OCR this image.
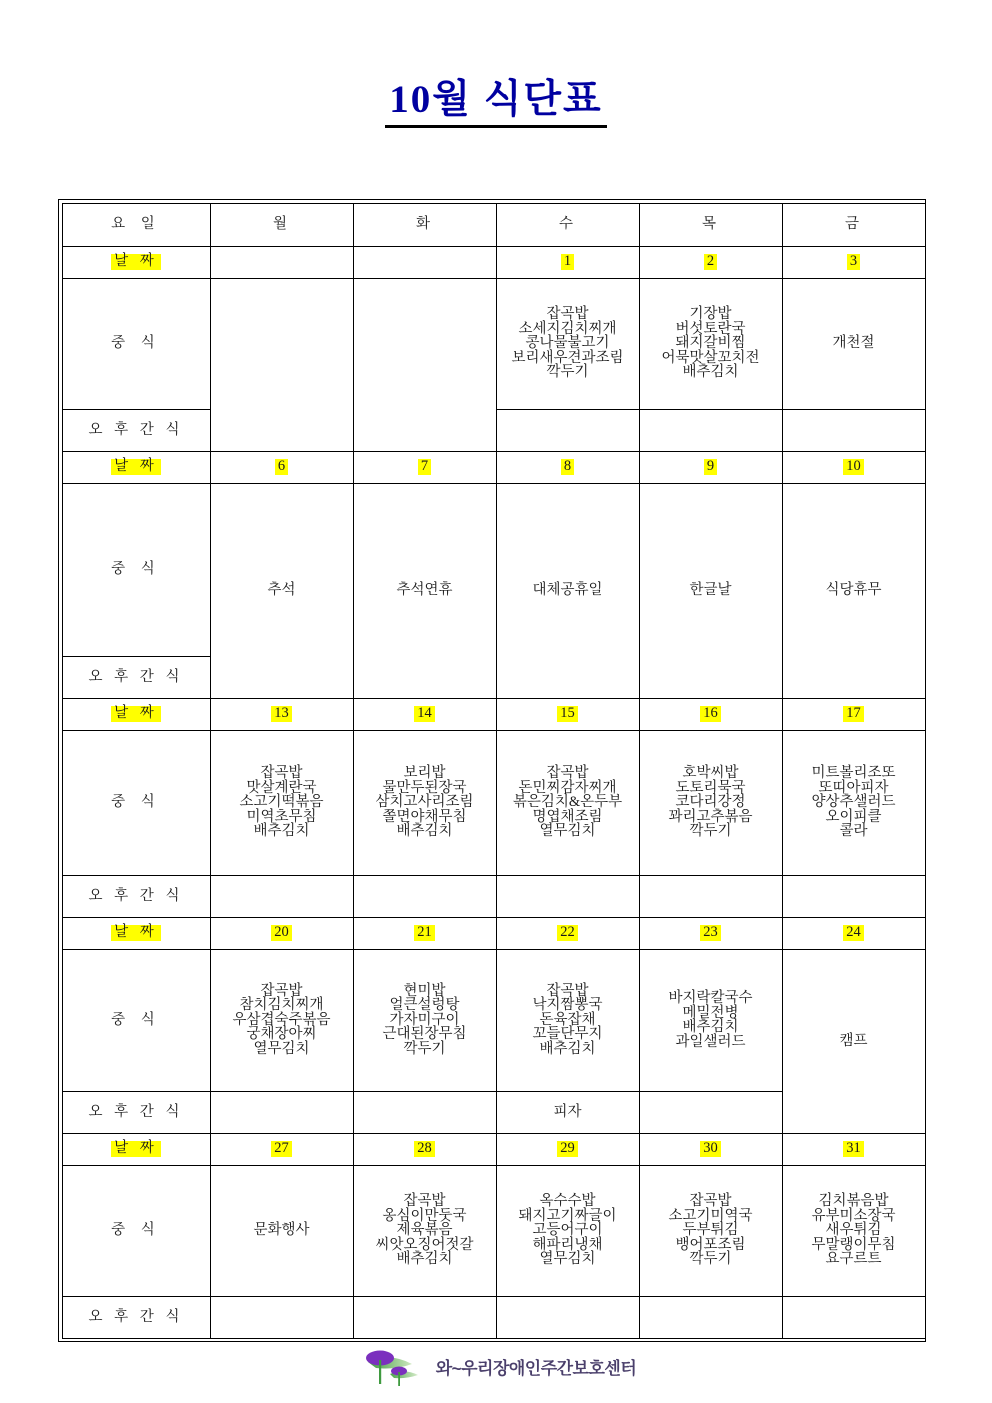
10월 식단표
요 일	월	화	수	목	금
날 짜			1	2	3
중 식			잡곡밥
소세지김치찌개
콩나물불고기
보리새우견과조림
깍두기	기장밥
버섯토란국
돼지갈비찜
어묵맛살꼬치전
배추김치	개천절

오 후 간 식					
날 짜	6	7	8	9	10
중 식	추석	추석연휴	대체공휴일	한글날	식당휴무

오 후 간 식					
날 짜	13	14	15	16	17
중 식	잡곡밥
맛살계란국
소고기떡볶음
미역초무침
배추김치	보리밥
물만두된장국
삼치고사리조림
쫄면야채무침
배추김치	잡곡밥
돈민찌감자찌개
볶은김치&온두부
명엽채조림
열무김치	호박씨밥
도토리묵국
코다리강정
꽈리고추볶음
깍두기	미트볼리조또
또띠아피자
양상추샐러드
오이피클
콜라

오 후 간 식					
날 짜	20	21	22	23	24
중 식	잡곡밥
참치김치찌개
우삼겹숙주볶음
궁채장아찌
열무김치	현미밥
얼큰설렁탕
가자미구이
근대된장무침
깍두기	잡곡밥
낙지짬뽕국
돈육잡채
꼬들단무지
배추김치	바지락칼국수
메밀전병
배추김치
과일샐러드	캠프

오 후 간 식			피자		
날 짜	27	28	29	30	31
중 식	문화행사	잡곡밥
옹심이만둣국
제육볶음
씨앗오징어젓갈
배추김치	옥수수밥
돼지고기짜글이
고등어구이
해파리냉채
열무김치	잡곡밥
소고기미역국
두부튀김
뱅어포조림
깍두기	김치볶음밥
유부미소장국
새우튀김
무말랭이무침
요구르트

오 후 간 식					
와~우리장애인주간보호센터
